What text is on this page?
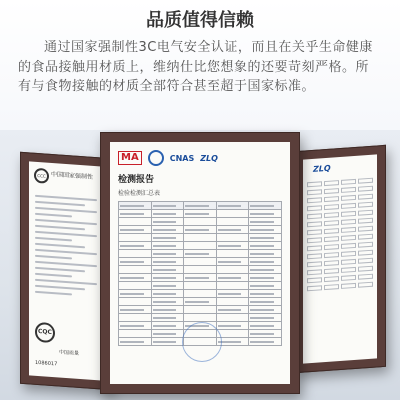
品质值得信赖
通过国家强制性3C电气安全认证，而且在关乎生命健康的食品接触用材质上，维纳仕比您想象的还要苛刻严格。所有与食物接触的材质全部符合甚至超于国家标准。
CCC 中国国家强制性
CQC
中国质量
1086017
ZLQ
MA	CNAS ZLQ
检测报告
检验检测汇总表
